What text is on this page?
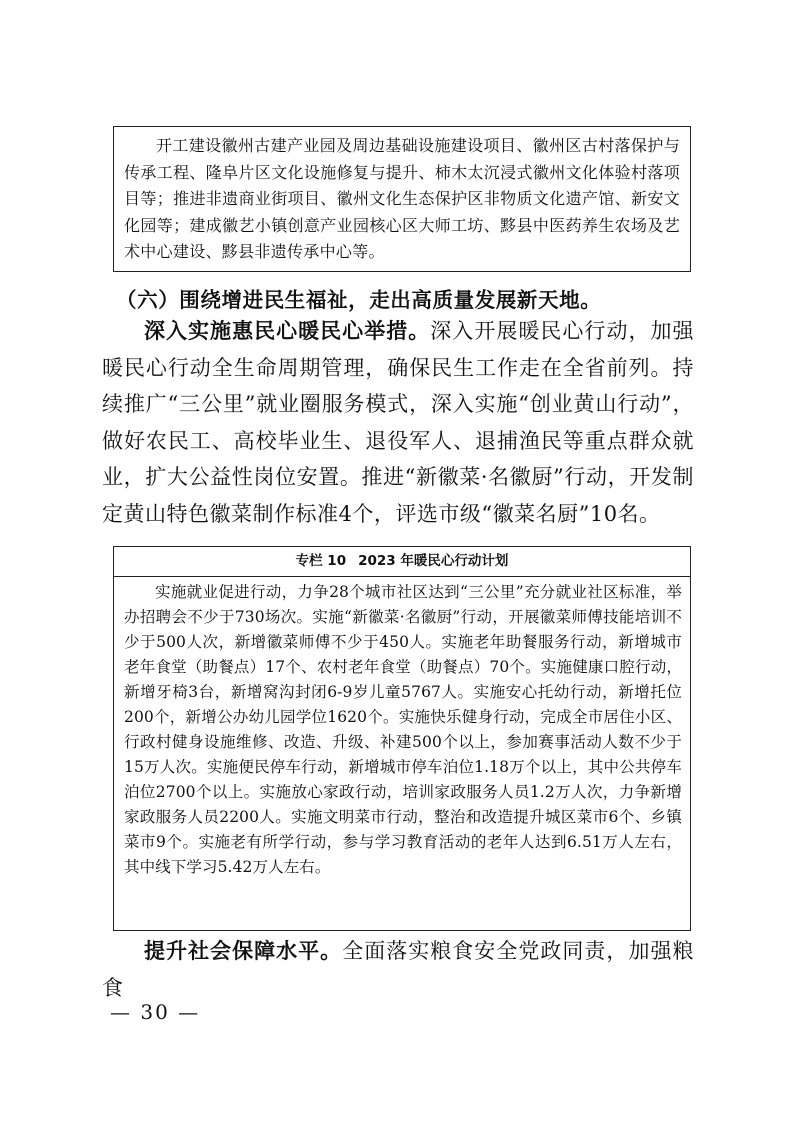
开工建设徽州古建产业园及周边基础设施建设项目、徽州区古村落保护与传承工程、隆阜片区文化设施修复与提升、柿木太沉浸式徽州文化体验村落项目等；推进非遗商业街项目、徽州文化生态保护区非物质文化遗产馆、新安文化园等；建成徽艺小镇创意产业园核心区大师工坊、黟县中医药养生农场及艺术中心建设、黟县非遗传承中心等。

（六）围绕增进民生福祉，走出高质量发展新天地。

深入实施惠民心暖民心举措。深入开展暖民心行动，加强暖民心行动全生命周期管理，确保民生工作走在全省前列。持续推广“三公里”就业圈服务模式，深入实施“创业黄山行动”，做好农民工、高校毕业生、退役军人、退捕渔民等重点群众就业，扩大公益性岗位安置。推进“新徽菜·名徽厨”行动，开发制定黄山特色徽菜制作标准4个，评选市级“徽菜名厨”10名。

专栏 10 2023 年暖民心行动计划

实施就业促进行动，力争28个城市社区达到“三公里”充分就业社区标准，举办招聘会不少于730场次。实施“新徽菜·名徽厨”行动，开展徽菜师傅技能培训不少于500人次，新增徽菜师傅不少于450人。实施老年助餐服务行动，新增城市老年食堂（助餐点）17个、农村老年食堂（助餐点）70个。实施健康口腔行动，新增牙椅3台，新增窝沟封闭6-9岁儿童5767人。实施安心托幼行动，新增托位200个，新增公办幼儿园学位1620个。实施快乐健身行动，完成全市居住小区、行政村健身设施维修、改造、升级、补建500个以上，参加赛事活动人数不少于15万人次。实施便民停车行动，新增城市停车泊位1.18万个以上，其中公共停车泊位2700个以上。实施放心家政行动，培训家政服务人员1.2万人次，力争新增家政服务人员2200人。实施文明菜市行动，整治和改造提升城区菜市6个、乡镇菜市9个。实施老有所学行动，参与学习教育活动的老年人达到6.51万人左右，其中线下学习5.42万人左右。

提升社会保障水平。全面落实粮食安全党政同责，加强粮食

— 30 —
